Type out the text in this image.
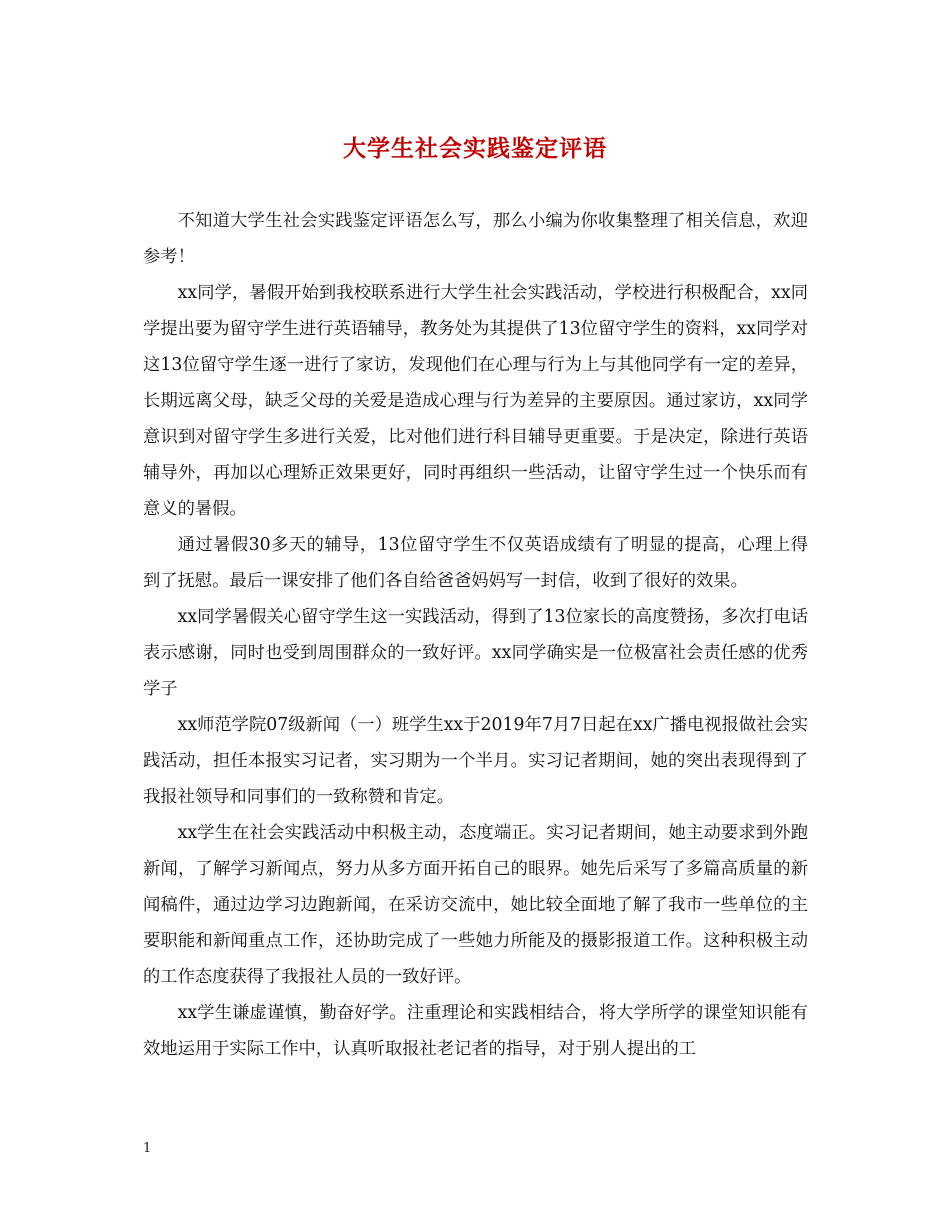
大学生社会实践鉴定评语

不知道大学生社会实践鉴定评语怎么写，那么小编为你收集整理了相关信息，欢迎参考！

xx同学，暑假开始到我校联系进行大学生社会实践活动，学校进行积极配合，xx同学提出要为留守学生进行英语辅导，教务处为其提供了13位留守学生的资料，xx同学对这13位留守学生逐一进行了家访，发现他们在心理与行为上与其他同学有一定的差异，长期远离父母，缺乏父母的关爱是造成心理与行为差异的主要原因。通过家访，xx同学意识到对留守学生多进行关爱，比对他们进行科目辅导更重要。于是决定，除进行英语辅导外，再加以心理矫正效果更好，同时再组织一些活动，让留守学生过一个快乐而有意义的暑假。

通过暑假30多天的辅导，13位留守学生不仅英语成绩有了明显的提高，心理上得到了抚慰。最后一课安排了他们各自给爸爸妈妈写一封信，收到了很好的效果。

xx同学暑假关心留守学生这一实践活动，得到了13位家长的高度赞扬，多次打电话表示感谢，同时也受到周围群众的一致好评。xx同学确实是一位极富社会责任感的优秀学子

xx师范学院07级新闻（一）班学生xx于2019年7月7日起在xx广播电视报做社会实践活动，担任本报实习记者，实习期为一个半月。实习记者期间，她的突出表现得到了我报社领导和同事们的一致称赞和肯定。

xx学生在社会实践活动中积极主动，态度端正。实习记者期间，她主动要求到外跑新闻，了解学习新闻点，努力从多方面开拓自己的眼界。她先后采写了多篇高质量的新闻稿件，通过边学习边跑新闻，在采访交流中，她比较全面地了解了我市一些单位的主要职能和新闻重点工作，还协助完成了一些她力所能及的摄影报道工作。这种积极主动的工作态度获得了我报社人员的一致好评。

xx学生谦虚谨慎，勤奋好学。注重理论和实践相结合，将大学所学的课堂知识能有效地运用于实际工作中，认真听取报社老记者的指导，对于别人提出的工

1
